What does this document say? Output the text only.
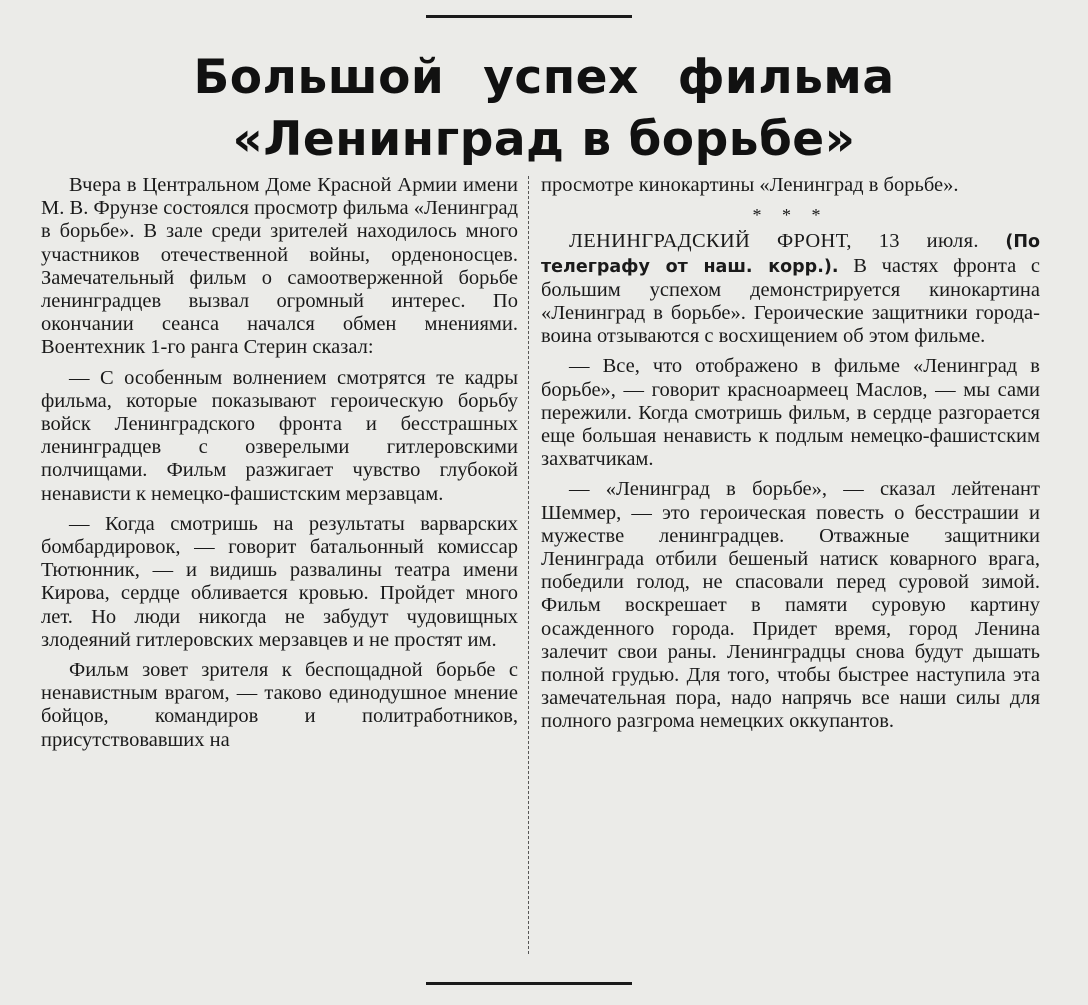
Большой успех фильма
«Ленинград в борьбе»

Вчера в Центральном Доме Красной Армии имени М. В. Фрунзе состоялся просмотр фильма «Ленинград в борьбе». В зале среди зрителей находилось много участников отечественной войны, орденоносцев. Замечательный фильм о самоотверженной борьбе ленинградцев вызвал огромный интерес. По окончании сеанса начался обмен мнениями. Воентехник 1-го ранга Стерин сказал:

— С особенным волнением смотрятся те кадры фильма, которые показывают героическую борьбу войск Ленинградского фронта и бесстрашных ленинградцев с озверелыми гитлеровскими полчищами. Фильм разжигает чувство глубокой ненависти к немецко-фашистским мерзавцам.

— Когда смотришь на результаты варварских бомбардировок, — говорит батальонный комиссар Тютюнник, — и видишь развалины театра имени Кирова, сердце обливается кровью. Пройдет много лет. Но люди никогда не забудут чудовищных злодеяний гитлеровских мерзавцев и не простят им.

Фильм зовет зрителя к беспощадной борьбе с ненавистным врагом, — таково единодушное мнение бойцов, командиров и политработников, присутствовавших на

просмотре кинокартины «Ленинград в борьбе».

* * *

ЛЕНИНГРАДСКИЙ ФРОНТ, 13 июля. (По телеграфу от наш. корр.). В частях фронта с большим успехом демонстрируется кинокартина «Ленинград в борьбе». Героические защитники города-воина отзываются с восхищением об этом фильме.

— Все, что отображено в фильме «Ленинград в борьбе», — говорит красноармеец Маслов, — мы сами пережили. Когда смотришь фильм, в сердце разгорается еще большая ненависть к подлым немецко-фашистским захватчикам.

— «Ленинград в борьбе», — сказал лейтенант Шеммер, — это героическая повесть о бесстрашии и мужестве ленинградцев. Отважные защитники Ленинграда отбили бешеный натиск коварного врага, победили голод, не спасовали перед суровой зимой. Фильм воскрешает в памяти суровую картину осажденного города. Придет время, город Ленина залечит свои раны. Ленинградцы снова будут дышать полной грудью. Для того, чтобы быстрее наступила эта замечательная пора, надо напрячь все наши силы для полного разгрома немецких оккупантов.
